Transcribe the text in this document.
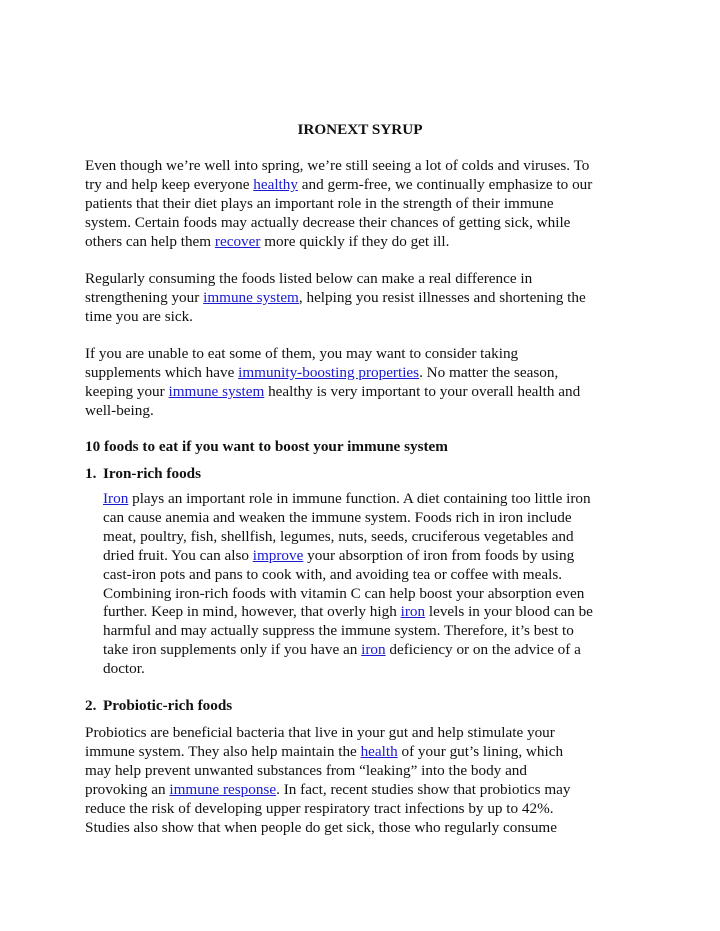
IRONEXT SYRUP

Even though we’re well into spring, we’re still seeing a lot of colds and viruses. To
try and help keep everyone healthy and germ-free, we continually emphasize to our
patients that their diet plays an important role in the strength of their immune
system. Certain foods may actually decrease their chances of getting sick, while
others can help them recover more quickly if they do get ill.

Regularly consuming the foods listed below can make a real difference in
strengthening your immune system, helping you resist illnesses and shortening the
time you are sick.

If you are unable to eat some of them, you may want to consider taking
supplements which have immunity-boosting properties. No matter the season,
keeping your immune system healthy is very important to your overall health and
well-being.

10 foods to eat if you want to boost your immune system

1. Iron-rich foods

Iron plays an important role in immune function. A diet containing too little iron
can cause anemia and weaken the immune system. Foods rich in iron include
meat, poultry, fish, shellfish, legumes, nuts, seeds, cruciferous vegetables and
dried fruit. You can also improve your absorption of iron from foods by using
cast-iron pots and pans to cook with, and avoiding tea or coffee with meals.
Combining iron-rich foods with vitamin C can help boost your absorption even
further. Keep in mind, however, that overly high iron levels in your blood can be
harmful and may actually suppress the immune system. Therefore, it’s best to
take iron supplements only if you have an iron deficiency or on the advice of a
doctor.

2. Probiotic-rich foods

Probiotics are beneficial bacteria that live in your gut and help stimulate your
immune system. They also help maintain the health of your gut’s lining, which
may help prevent unwanted substances from “leaking” into the body and
provoking an immune response. In fact, recent studies show that probiotics may
reduce the risk of developing upper respiratory tract infections by up to 42%.
Studies also show that when people do get sick, those who regularly consume
